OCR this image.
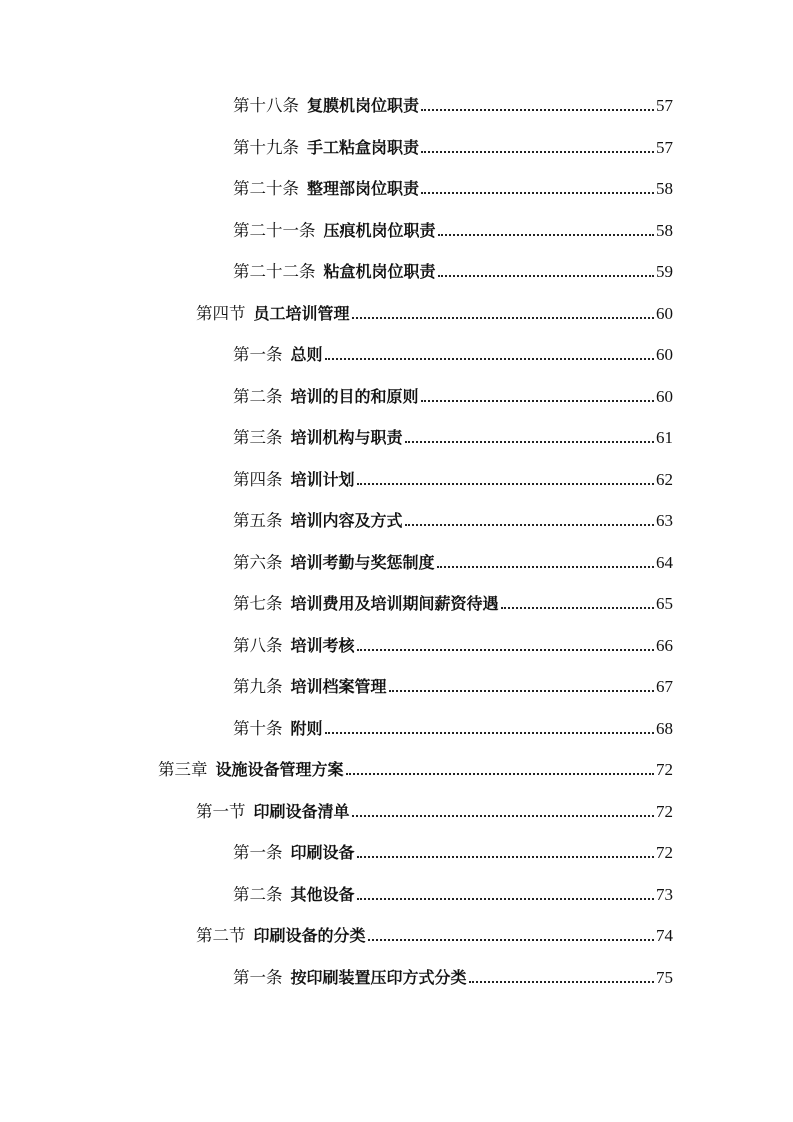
第十八条 复膜机岗位职责	57
第十九条 手工粘盒岗职责	57
第二十条 整理部岗位职责	58
第二十一条 压痕机岗位职责	58
第二十二条 粘盒机岗位职责	59
第四节 员工培训管理	60
第一条 总则	60
第二条 培训的目的和原则	60
第三条 培训机构与职责	61
第四条 培训计划	62
第五条 培训内容及方式	63
第六条 培训考勤与奖惩制度	64
第七条 培训费用及培训期间薪资待遇	65
第八条 培训考核	66
第九条 培训档案管理	67
第十条 附则	68
第三章 设施设备管理方案	72
第一节 印刷设备清单	72
第一条 印刷设备	72
第二条 其他设备	73
第二节 印刷设备的分类	74
第一条 按印刷装置压印方式分类	75
